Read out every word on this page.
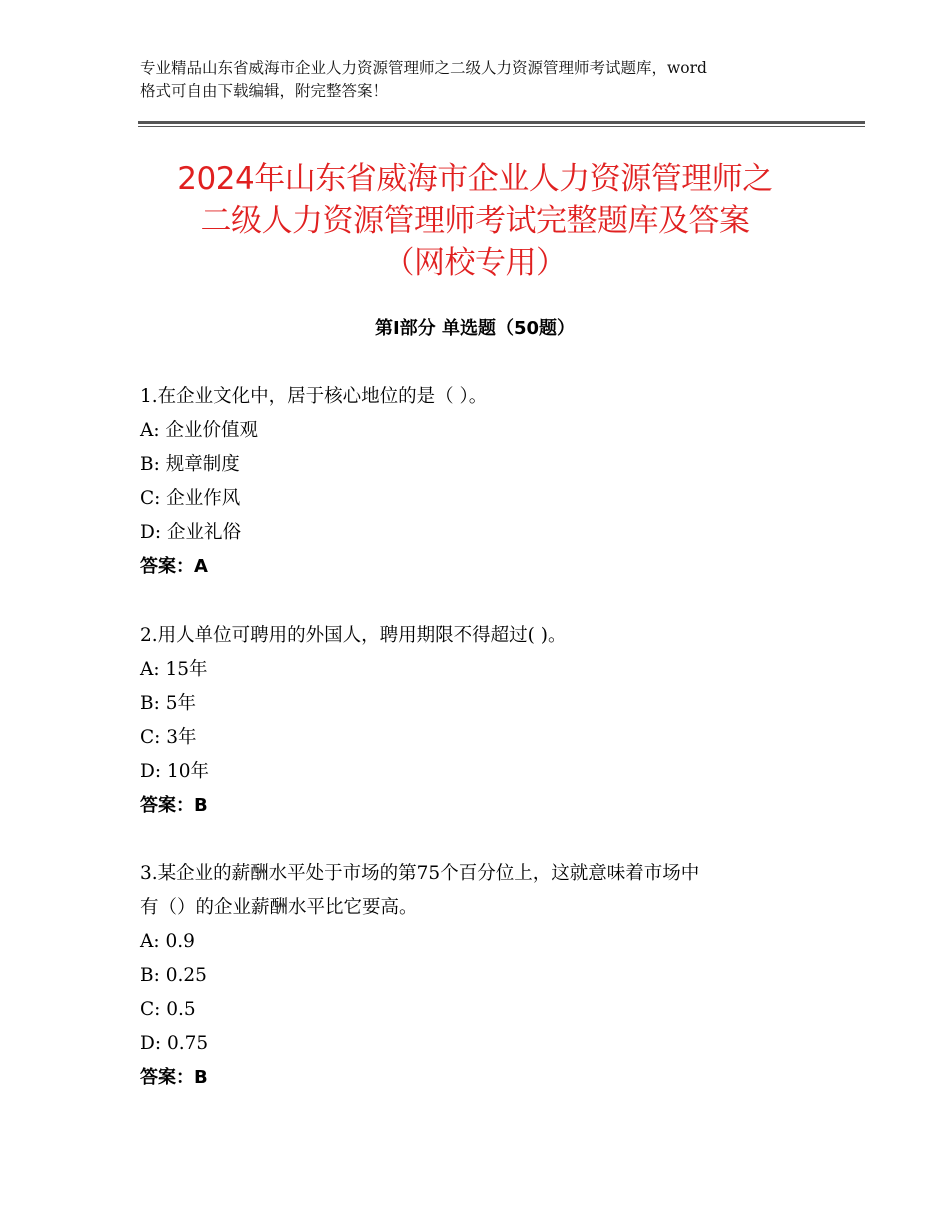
专业精品山东省威海市企业人力资源管理师之二级人力资源管理师考试题库，word
格式可自由下载编辑，附完整答案！
2024年山东省威海市企业人力资源管理师之
二级人力资源管理师考试完整题库及答案
（网校专用）
第Ⅰ部分 单选题（50题）
1.在企业文化中，居于核心地位的是（ ）。
A: 企业价值观
B: 规章制度
C: 企业作风
D: 企业礼俗
答案：A
2.用人单位可聘用的外国人，聘用期限不得超过( )。
A: 15年
B: 5年
C: 3年
D: 10年
答案：B
3.某企业的薪酬水平处于市场的第75个百分位上，这就意味着市场中
有（）的企业薪酬水平比它要高。
A: 0.9
B: 0.25
C: 0.5
D: 0.75
答案：B
